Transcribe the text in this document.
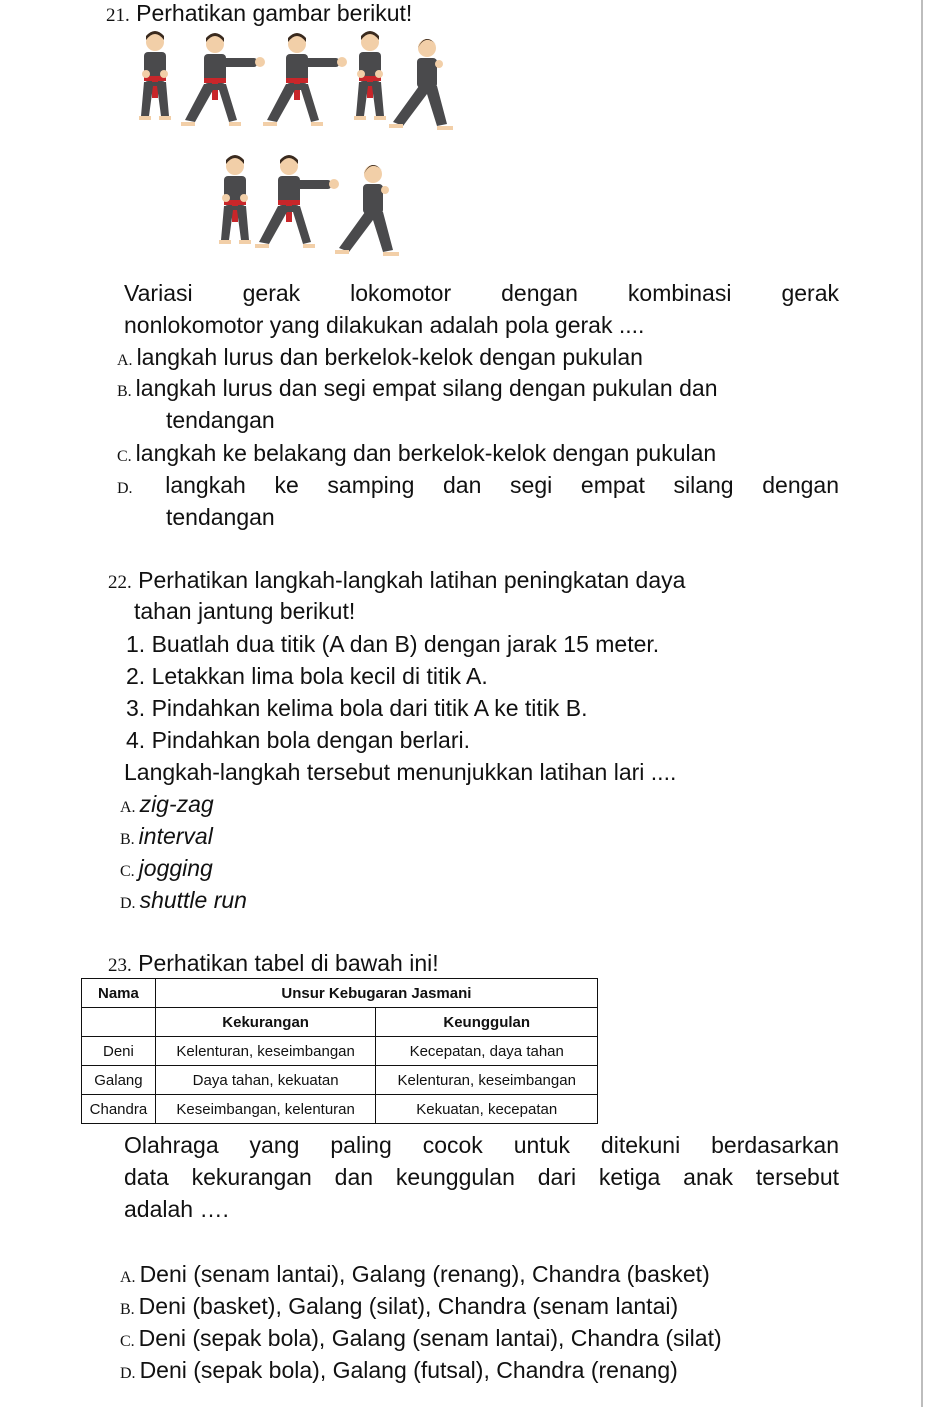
21. Perhatikan gambar berikut!
Variasi gerak lokomotor dengan kombinasi gerak
nonlokomotor yang dilakukan adalah pola gerak ....
A. langkah lurus dan berkelok-kelok dengan pukulan
B. langkah lurus dan segi empat silang dengan pukulan dan
tendangan
C. langkah ke belakang dan berkelok-kelok dengan pukulan
D. langkah ke samping dan segi empat silang dengan
tendangan
22. Perhatikan langkah-langkah latihan peningkatan daya
tahan jantung berikut!
1. Buatlah dua titik (A dan B) dengan jarak 15 meter.
2. Letakkan lima bola kecil di titik A.
3. Pindahkan kelima bola dari titik A ke titik B.
4. Pindahkan bola dengan berlari.
Langkah-langkah tersebut menunjukkan latihan lari ....
A. zig-zag
B. interval
C. jogging
D. shuttle run
23. Perhatikan tabel di bawah ini!
Nama	Unsur Kebugaran Jasmani	
	Kekurangan	Keunggulan
Deni	Kelenturan, keseimbangan	Kecepatan, daya tahan
Galang	Daya tahan, kekuatan	Kelenturan, keseimbangan
Chandra	Keseimbangan, kelenturan	Kekuatan, kecepatan
Olahraga yang paling cocok untuk ditekuni berdasarkan
data kekurangan dan keunggulan dari ketiga anak tersebut
adalah ….
A. Deni (senam lantai), Galang (renang), Chandra (basket)
B. Deni (basket), Galang (silat), Chandra (senam lantai)
C. Deni (sepak bola), Galang (senam lantai), Chandra (silat)
D. Deni (sepak bola), Galang (futsal), Chandra (renang)
